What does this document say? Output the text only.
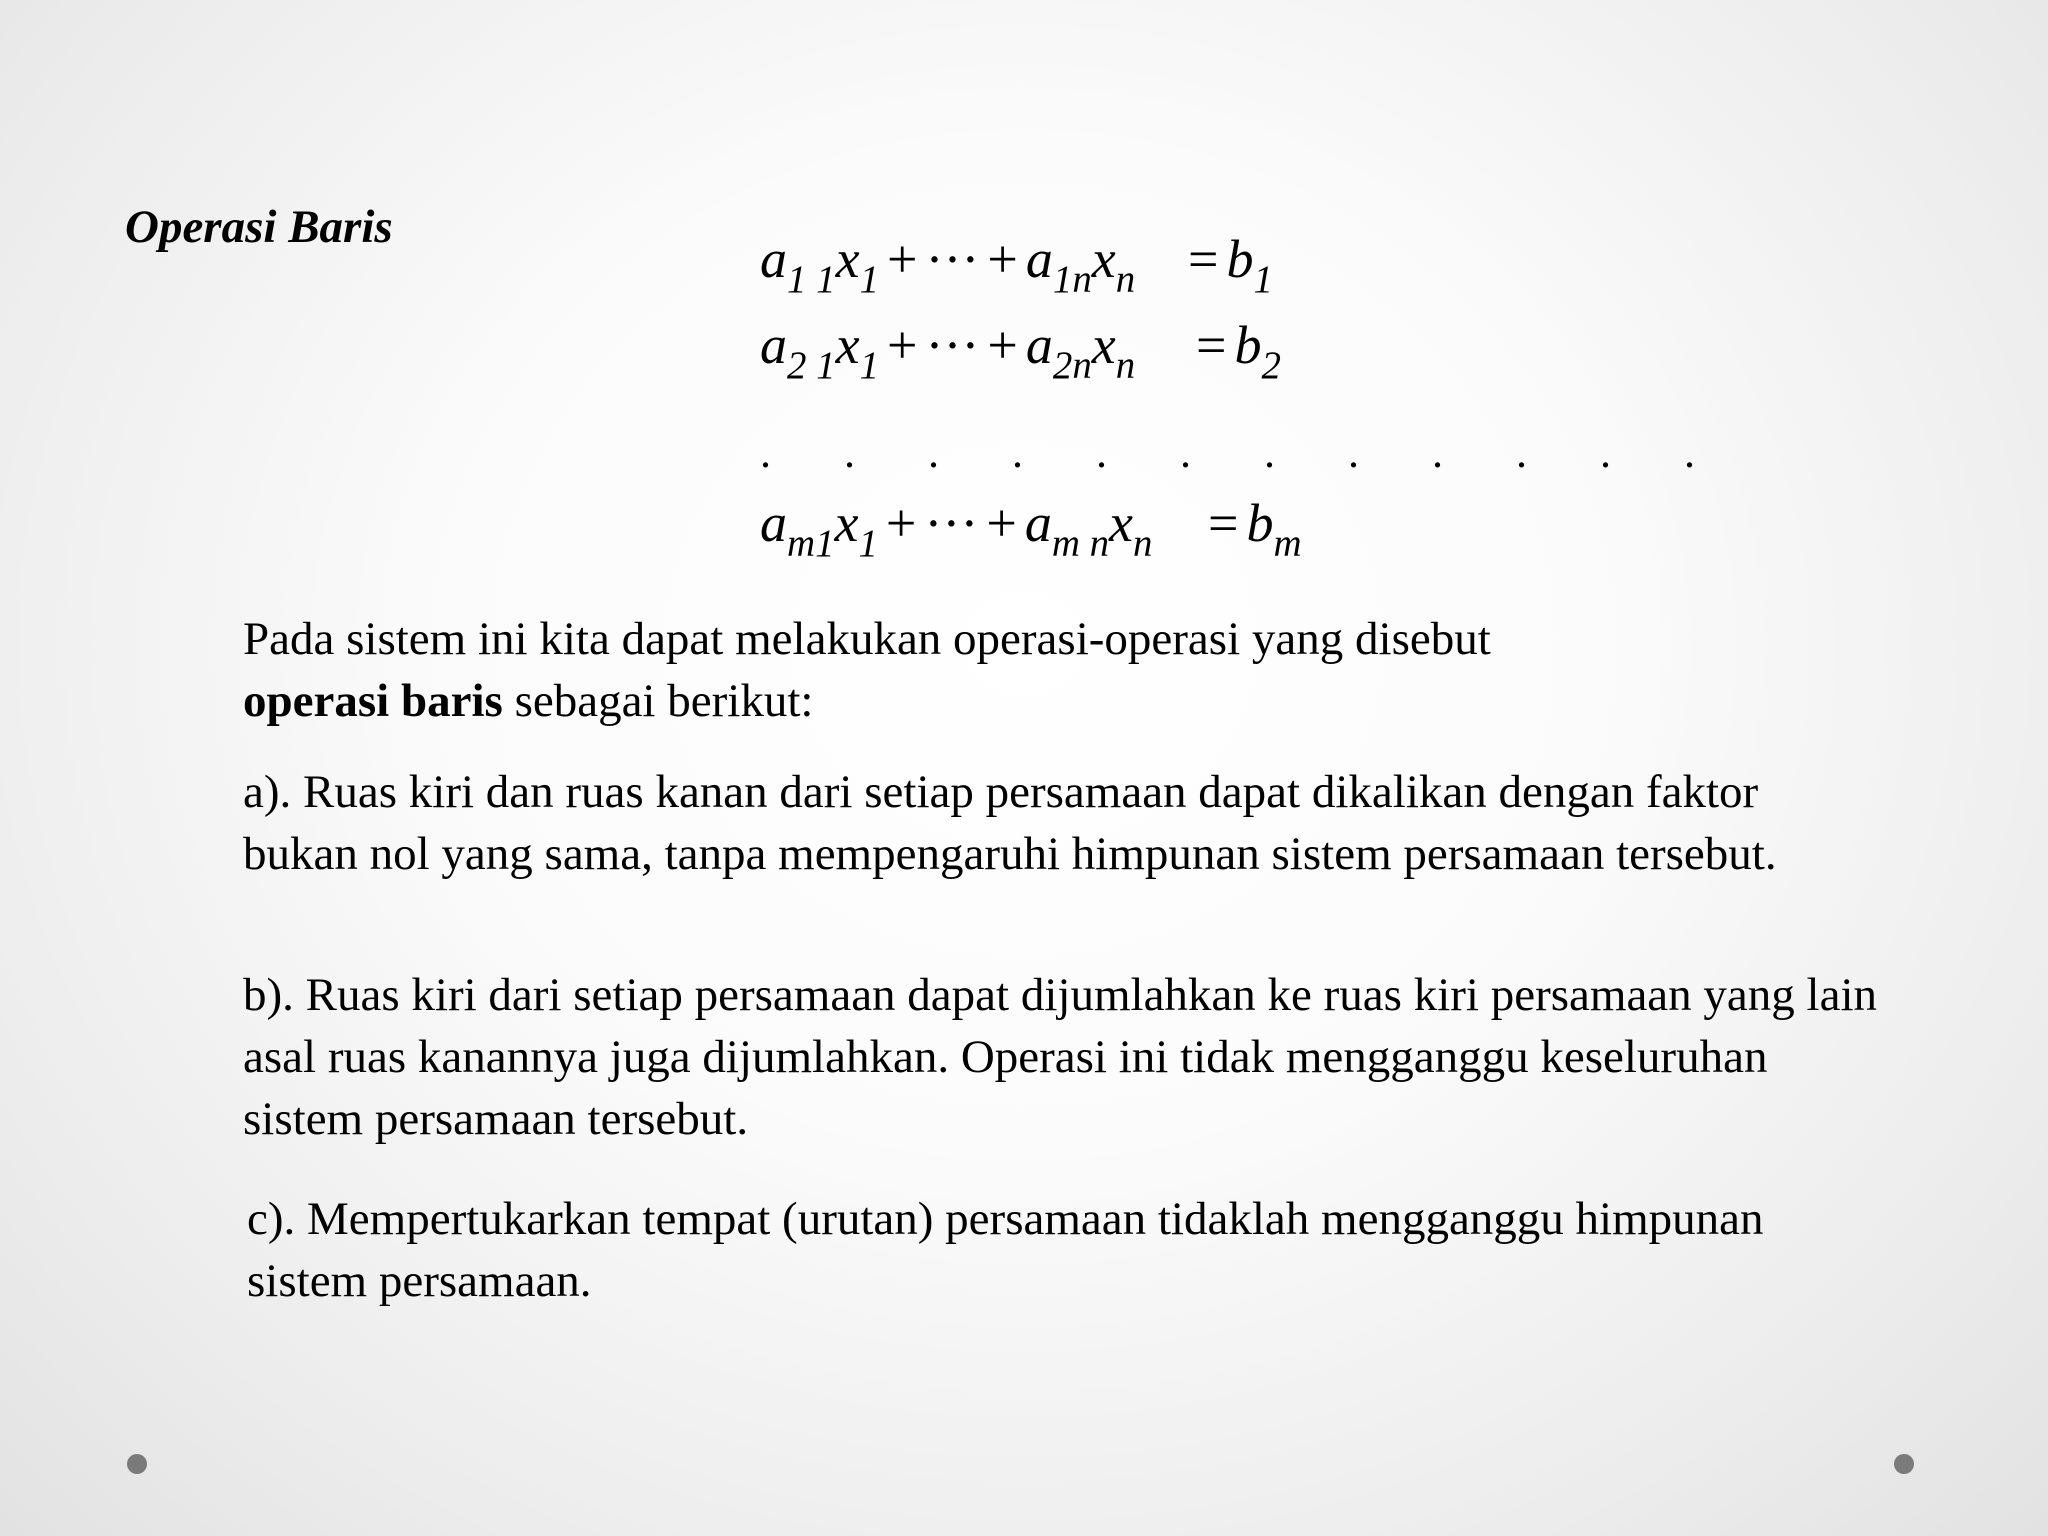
Operasi Baris
$a_{1 1}x_1$ + ··· + $a_{1n}x_n = b_1$
$a_{2 1}x_1$ + ··· + $a_{2n}x_n = b_2$
. . . . . . . . . . . .
$a_{m1}x_1$ + ··· + $a_{m n}x_n = b_m$

Pada sistem ini kita dapat melakukan operasi-operasi yang disebut
operasi baris sebagai berikut:

a). Ruas kiri dan ruas kanan dari setiap persamaan dapat dikalikan dengan faktor bukan nol yang sama, tanpa mempengaruhi himpunan sistem persamaan tersebut.

b). Ruas kiri dari setiap persamaan dapat dijumlahkan ke ruas kiri persamaan yang lain asal ruas kanannya juga dijumlahkan. Operasi ini tidak mengganggu keseluruhan sistem persamaan tersebut.

c). Mempertukarkan tempat (urutan) persamaan tidaklah mengganggu himpunan sistem persamaan.
